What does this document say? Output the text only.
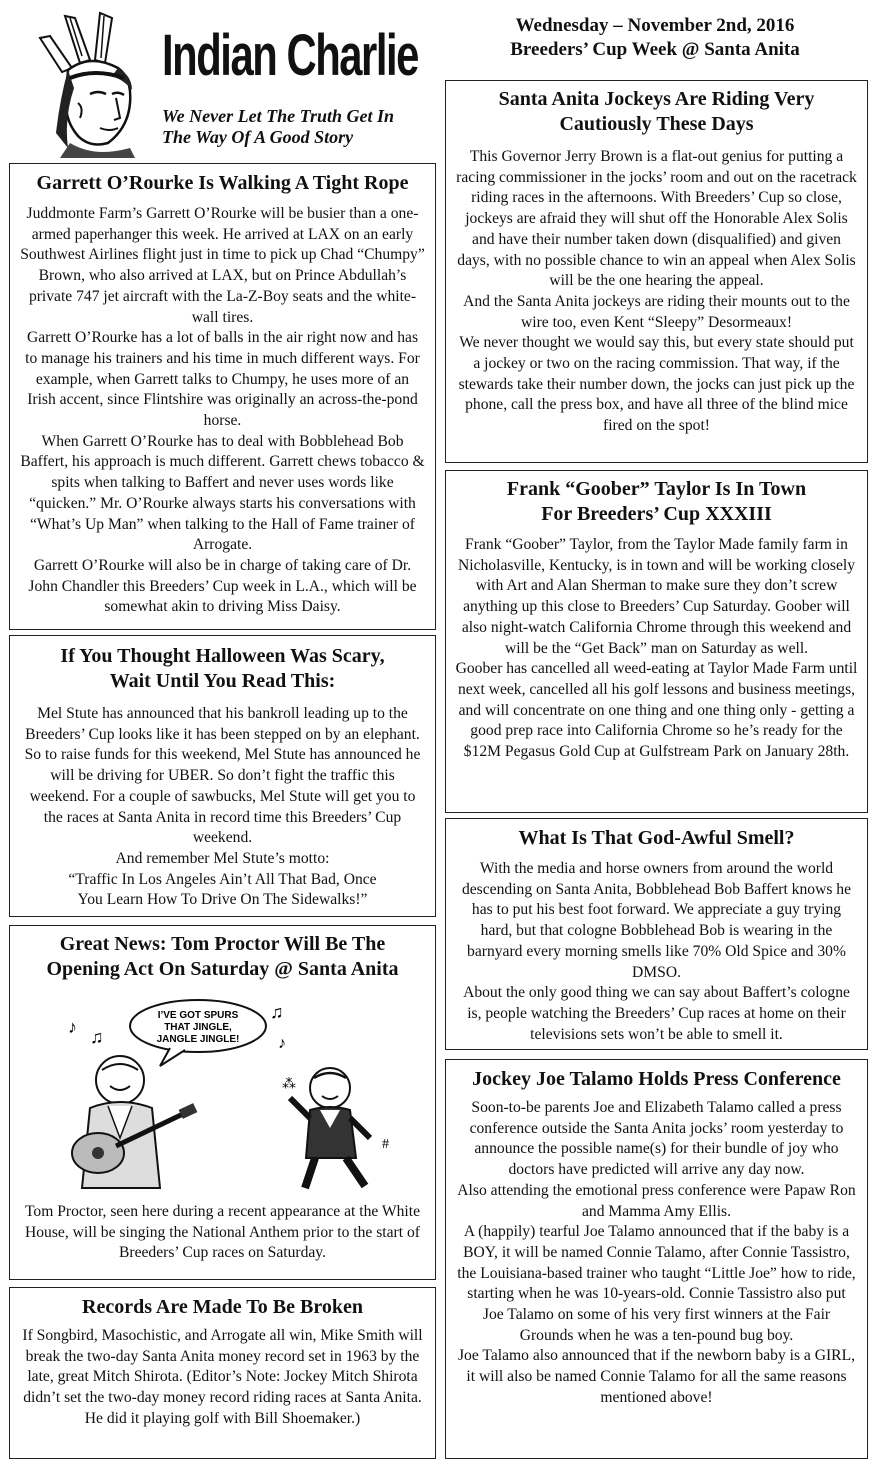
Indian Charlie
We Never Let The Truth Get In The Way Of A Good Story
Wednesday – November 2nd, 2016
Breeders’ Cup Week @ Santa Anita

Garrett O’Rourke Is Walking A Tight Rope

Juddmonte Farm’s Garrett O’Rourke will be busier than a one-armed paperhanger this week. He arrived at LAX on an early Southwest Airlines flight just in time to pick up Chad “Chumpy” Brown, who also arrived at LAX, but on Prince Abdullah’s private 747 jet aircraft with the La-Z-Boy seats and the white-wall tires.

Garrett O’Rourke has a lot of balls in the air right now and has to manage his trainers and his time in much different ways. For example, when Garrett talks to Chumpy, he uses more of an Irish accent, since Flintshire was originally an across-the-pond horse.

When Garrett O’Rourke has to deal with Bobblehead Bob Baffert, his approach is much different. Garrett chews tobacco & spits when talking to Baffert and never uses words like “quicken.” Mr. O’Rourke always starts his conversations with “What’s Up Man” when talking to the Hall of Fame trainer of Arrogate.

Garrett O’Rourke will also be in charge of taking care of Dr. John Chandler this Breeders’ Cup week in L.A., which will be somewhat akin to driving Miss Daisy.

If You Thought Halloween Was Scary, Wait Until You Read This:

Mel Stute has announced that his bankroll leading up to the Breeders’ Cup looks like it has been stepped on by an elephant. So to raise funds for this weekend, Mel Stute has announced he will be driving for UBER. So don’t fight the traffic this weekend. For a couple of sawbucks, Mel Stute will get you to the races at Santa Anita in record time this Breeders’ Cup weekend.

And remember Mel Stute’s motto:

“Traffic In Los Angeles Ain’t All That Bad, Once You Learn How To Drive On The Sidewalks!”

Great News: Tom Proctor Will Be The Opening Act On Saturday @ Santa Anita

I’VE GOT SPURS
THAT JINGLE,
JANGLE JINGLE!
♪ ♫
♫
♪
⁂
#

Tom Proctor, seen here during a recent appearance at the White House, will be singing the National Anthem prior to the start of Breeders’ Cup races on Saturday.

Records Are Made To Be Broken

If Songbird, Masochistic, and Arrogate all win, Mike Smith will break the two-day Santa Anita money record set in 1963 by the late, great Mitch Shirota. (Editor’s Note: Jockey Mitch Shirota didn’t set the two-day money record riding races at Santa Anita. He did it playing golf with Bill Shoemaker.)

Santa Anita Jockeys Are Riding Very Cautiously These Days

This Governor Jerry Brown is a flat-out genius for putting a racing commissioner in the jocks’ room and out on the racetrack riding races in the afternoons. With Breeders’ Cup so close, jockeys are afraid they will shut off the Honorable Alex Solis and have their number taken down (disqualified) and given days, with no possible chance to win an appeal when Alex Solis will be the one hearing the appeal.

And the Santa Anita jockeys are riding their mounts out to the wire too, even Kent “Sleepy” Desormeaux!

We never thought we would say this, but every state should put a jockey or two on the racing commission. That way, if the stewards take their number down, the jocks can just pick up the phone, call the press box, and have all three of the blind mice fired on the spot!

Frank “Goober” Taylor Is In Town For Breeders’ Cup XXXIII

Frank “Goober” Taylor, from the Taylor Made family farm in Nicholasville, Kentucky, is in town and will be working closely with Art and Alan Sherman to make sure they don’t screw anything up this close to Breeders’ Cup Saturday. Goober will also night-watch California Chrome through this weekend and will be the “Get Back” man on Saturday as well.

Goober has cancelled all weed-eating at Taylor Made Farm until next week, cancelled all his golf lessons and business meetings, and will concentrate on one thing and one thing only - getting a good prep race into California Chrome so he’s ready for the $12M Pegasus Gold Cup at Gulfstream Park on January 28th.

What Is That God-Awful Smell?

With the media and horse owners from around the world descending on Santa Anita, Bobblehead Bob Baffert knows he has to put his best foot forward. We appreciate a guy trying hard, but that cologne Bobblehead Bob is wearing in the barnyard every morning smells like 70% Old Spice and 30% DMSO.

About the only good thing we can say about Baffert’s cologne is, people watching the Breeders’ Cup races at home on their televisions sets won’t be able to smell it.

Jockey Joe Talamo Holds Press Conference

Soon-to-be parents Joe and Elizabeth Talamo called a press conference outside the Santa Anita jocks’ room yesterday to announce the possible name(s) for their bundle of joy who doctors have predicted will arrive any day now.

Also attending the emotional press conference were Papaw Ron and Mamma Amy Ellis.

A (happily) tearful Joe Talamo announced that if the baby is a BOY, it will be named Connie Talamo, after Connie Tassistro, the Louisiana-based trainer who taught “Little Joe” how to ride, starting when he was 10-years-old. Connie Tassistro also put Joe Talamo on some of his very first winners at the Fair Grounds when he was a ten-pound bug boy.

Joe Talamo also announced that if the newborn baby is a GIRL, it will also be named Connie Talamo for all the same reasons mentioned above!
